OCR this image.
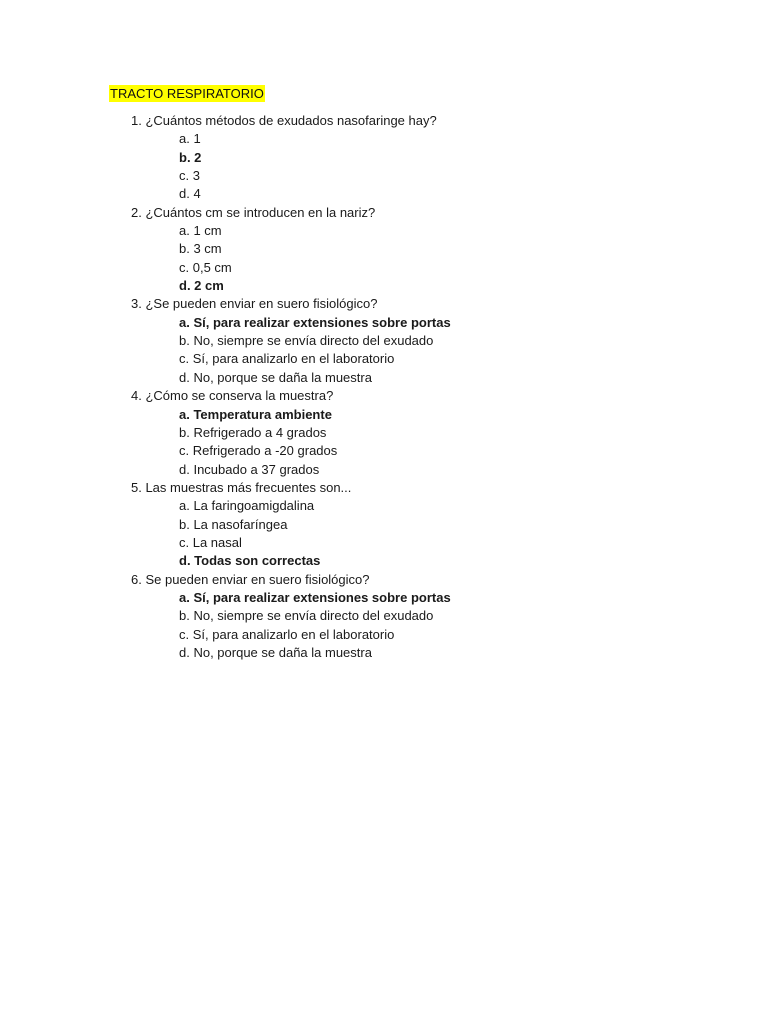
TRACTO RESPIRATORIO
1. ¿Cuántos métodos de exudados nasofaringe hay?
a. 1
b. 2
c. 3
d. 4
2. ¿Cuántos cm se introducen en la nariz?
a. 1 cm
b. 3 cm
c. 0,5 cm
d. 2 cm
3. ¿Se pueden enviar en suero fisiológico?
a. Sí, para realizar extensiones sobre portas
b. No, siempre se envía directo del exudado
c. Sí, para analizarlo en el laboratorio
d. No, porque se daña la muestra
4. ¿Cómo se conserva la muestra?
a. Temperatura ambiente
b. Refrigerado a 4 grados
c. Refrigerado a -20 grados
d. Incubado a 37 grados
5. Las muestras más frecuentes son...
a. La faringoamigdalina
b. La nasofaríngea
c. La nasal
d. Todas son correctas
6. Se pueden enviar en suero fisiológico?
a. Sí, para realizar extensiones sobre portas
b. No, siempre se envía directo del exudado
c. Sí, para analizarlo en el laboratorio
d. No, porque se daña la muestra
